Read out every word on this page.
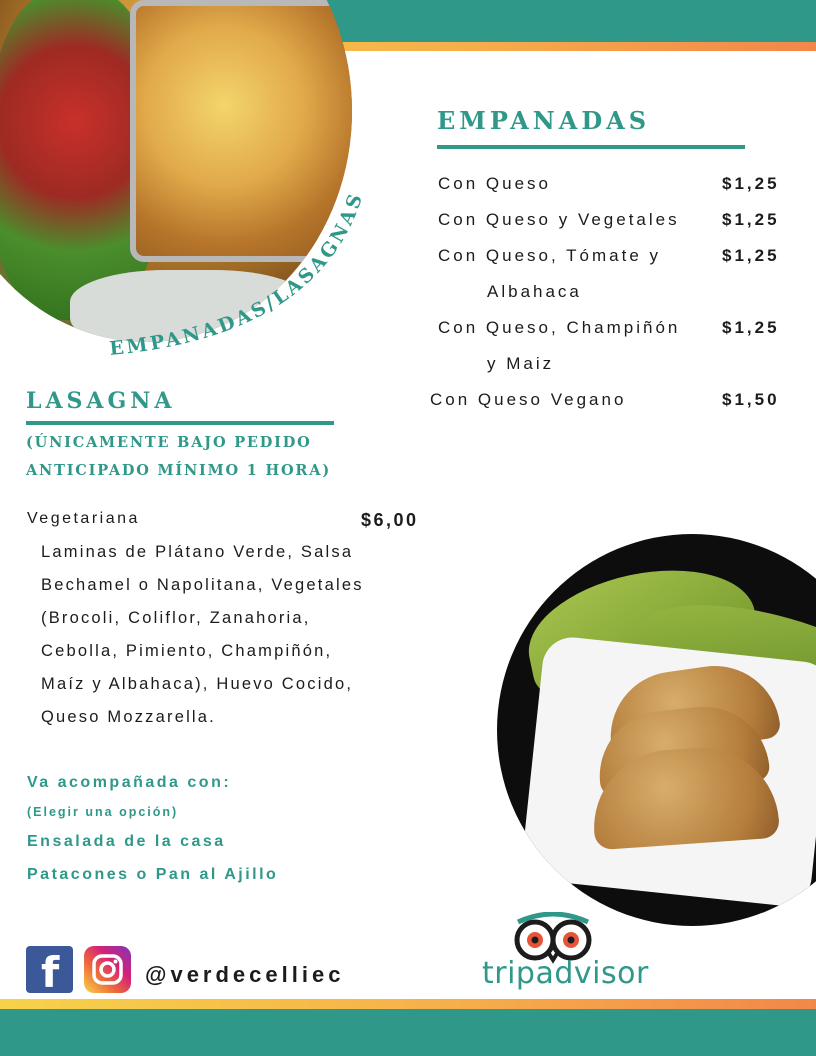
EMPANADAS/LASAGNAS
EMPANADAS
Con Queso	$1,25
Con Queso y Vegetales $1,25
Con Queso, Tómate y
Albahaca
$1,25
Con Queso, Champiñón
y Maiz
$1,25
Con Queso Vegano	$1,50
LASAGNA
(ÚNICAMENTE BAJO PEDIDO
ANTICIPADO MÍNIMO 1 HORA)
Vegetariana	$6,00
Laminas de Plátano Verde, Salsa
Bechamel o Napolitana, Vegetales
(Brocoli, Coliflor, Zanahoria,
Cebolla, Pimiento, Champiñón,
Maíz y Albahaca), Huevo Cocido,
Queso Mozzarella.
Va acompañada con:
(Elegir una opción)
Ensalada de la casa
Patacones o Pan al Ajillo
f	@verdecelliec	tripadvisor
